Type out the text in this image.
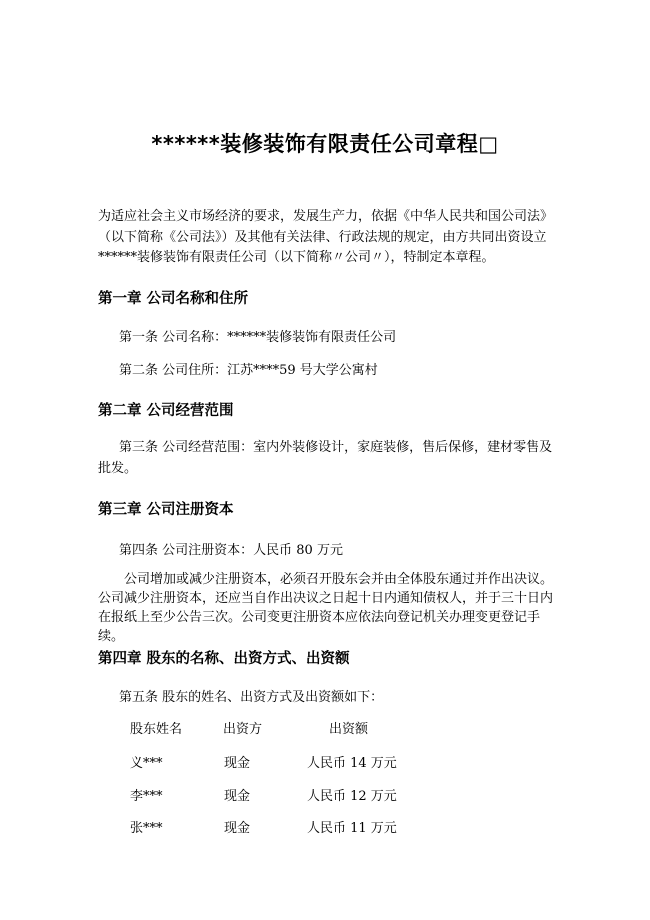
******装修装饰有限责任公司章程□
为适应社会主义市场经济的要求，发展生产力，依据《中华人民共和国公司法》（以下简称《公司法》）及其他有关法律、行政法规的规定，由方共同出资设立******装修装饰有限责任公司（以下简称〃公司〃），特制定本章程。
第一章 公司名称和住所
第一条 公司名称：******装修装饰有限责任公司
第二条 公司住所：江苏****59 号大学公寓村
第二章 公司经营范围
第三条 公司经营范围：室内外装修设计，家庭装修，售后保修，建材零售及批发。
第三章 公司注册资本
第四条 公司注册资本：人民币 80 万元
公司增加或减少注册资本，必须召开股东会并由全体股东通过并作出决议。公司减少注册资本，还应当自作出决议之日起十日内通知债权人，并于三十日内在报纸上至少公告三次。公司变更注册资本应依法向登记机关办理变更登记手续。
第四章 股东的名称、出资方式、出资额
第五条 股东的姓名、出资方式及出资额如下：
股东姓名	出资方	出资额
义***	现金	人民币 14 万元
李***	现金	人民币 12 万元
张***	现金	人民币 11 万元
